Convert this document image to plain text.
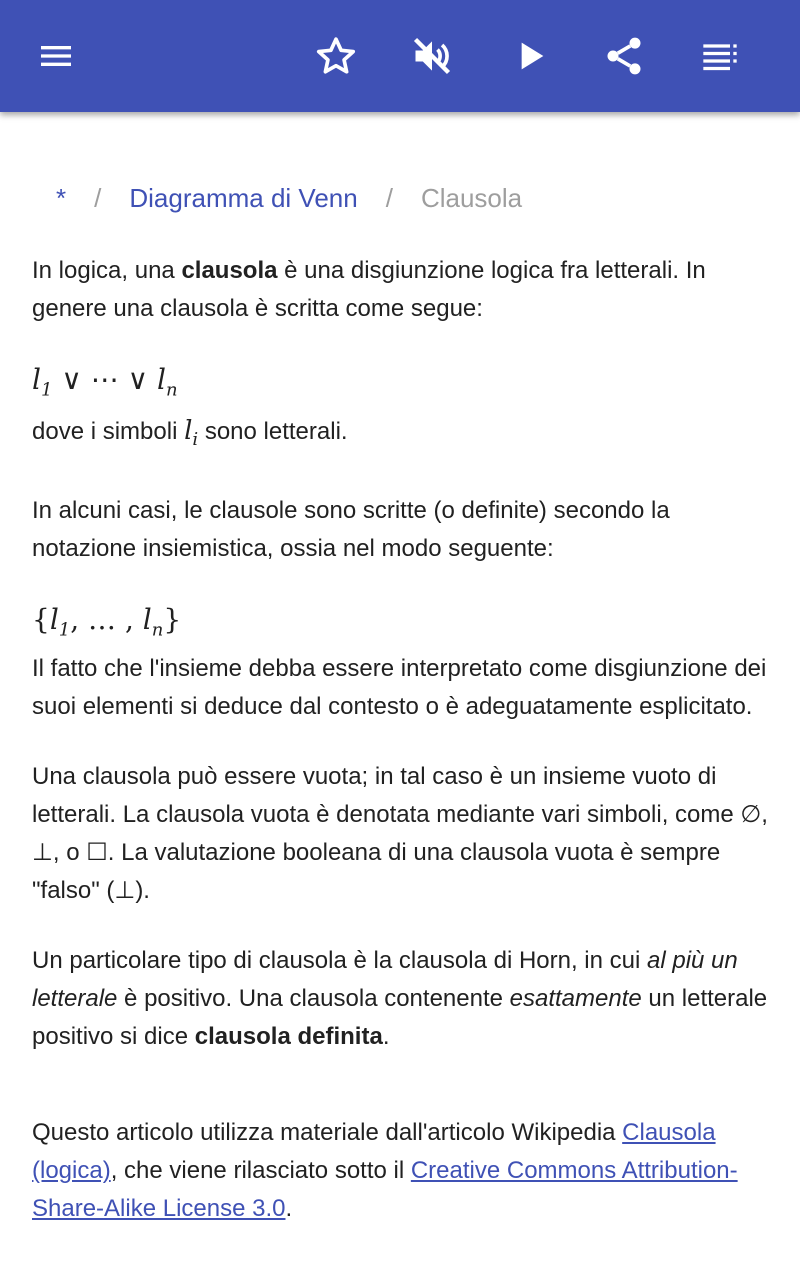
* / Diagramma di Venn / Clausola

In logica, una clausola è una disgiunzione logica fra letterali. In genere una clausola è scritta come segue:

$l_1$ ∨ ⋯ ∨ $l_n$

dove i simboli $l_i$ sono letterali.

In alcuni casi, le clausole sono scritte (o definite) secondo la notazione insiemistica, ossia nel modo seguente:

{$l_1$, … , $l_n$}

Il fatto che l'insieme debba essere interpretato come disgiunzione dei suoi elementi si deduce dal contesto o è adeguatamente esplicitato.

Una clausola può essere vuota; in tal caso è un insieme vuoto di letterali. La clausola vuota è denotata mediante vari simboli, come ∅, ⊥, o ☐. La valutazione booleana di una clausola vuota è sempre "falso" (⊥).

Un particolare tipo di clausola è la clausola di Horn, in cui al più un letterale è positivo. Una clausola contenente esattamente un letterale positivo si dice clausola definita.

Questo articolo utilizza materiale dall'articolo Wikipedia Clausola (logica), che viene rilasciato sotto il Creative Commons Attribution-Share-Alike License 3.0.
